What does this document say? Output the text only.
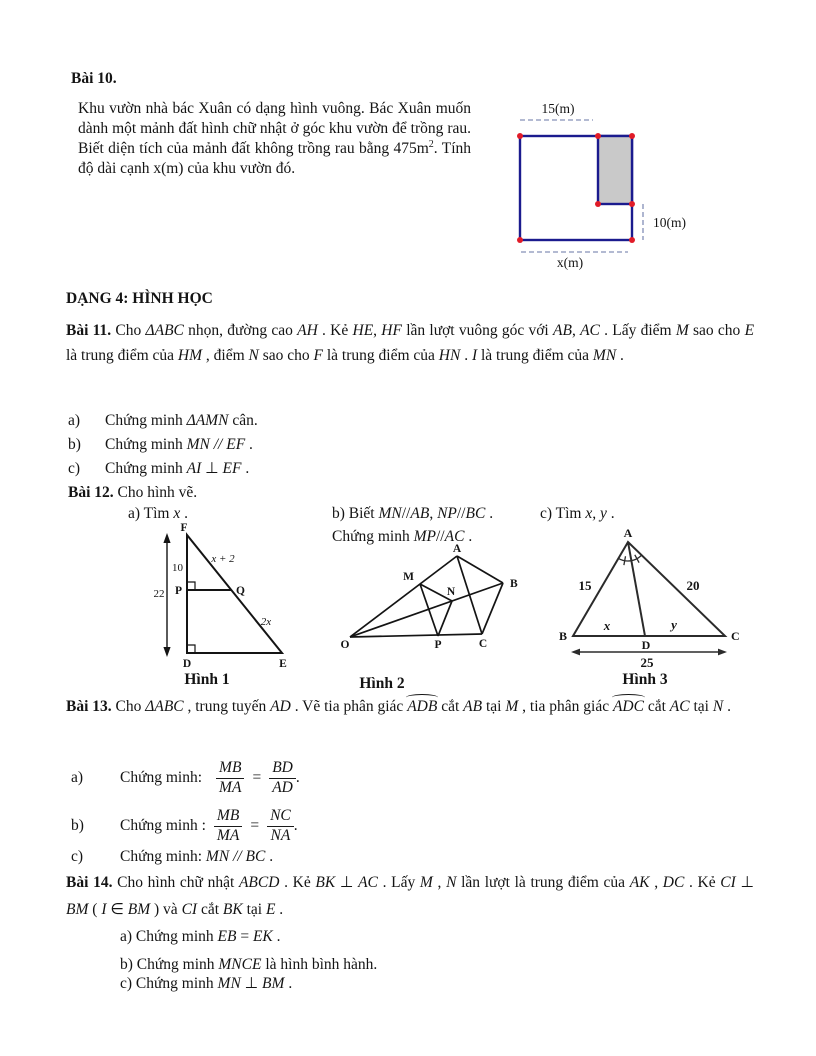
Bài 10.

Khu vườn nhà bác Xuân có dạng hình vuông. Bác Xuân muốn dành một mảnh đất hình chữ nhật ở góc khu vườn để trồng rau. Biết diện tích của mảnh đất không trồng rau bằng $475m^2$. Tính độ dài cạnh x(m) của khu vườn đó.

15(m)
10(m)
x(m)
DẠNG 4: HÌNH HỌC

Bài 11. Cho ΔABC nhọn, đường cao AH . Kẻ HE, HF lần lượt vuông góc với AB, AC . Lấy điểm M sao cho E là trung điểm của HM , điểm N sao cho F là trung điểm của HN . I là trung điểm của MN .

a)	Chứng minh ΔAMN cân.
b)	Chứng minh MN // EF .
c)	Chứng minh AI ⊥ EF .

Bài 12. Cho hình vẽ.

a) Tìm x .	b) Biết MN//AB, NP//BC .

Chứng minh MP//AC .

c) Tìm x, y .

F
P	Q
D	E
10
22
x + 2
2x
Hình 1
A
M
B
N
O	P	C
Hình 2
A
B	C
D
15	20
x	y
25
Hình 3

Bài 13. Cho ΔABC , trung tuyến AD . Vẽ tia phân giác ADB cắt AB tại M , tia phân giác ADC cắt AC tại N .

a)	Chứng minh: $\frac{MB}{MA} = \frac{BD}{AD}$ .
b)	Chứng minh : $\frac{MB}{MA} = \frac{NC}{NA}$ .
c)	Chứng minh: MN // BC .

Bài 14. Cho hình chữ nhật ABCD . Kẻ BK ⊥ AC . Lấy M , N lần lượt là trung điểm của AK , DC . Kẻ CI ⊥ BM ( I ∈ BM ) và CI cắt BK tại E .

a) Chứng minh EB = EK .

b) Chứng minh MNCE là hình bình hành.

c) Chứng minh MN ⊥ BM .
